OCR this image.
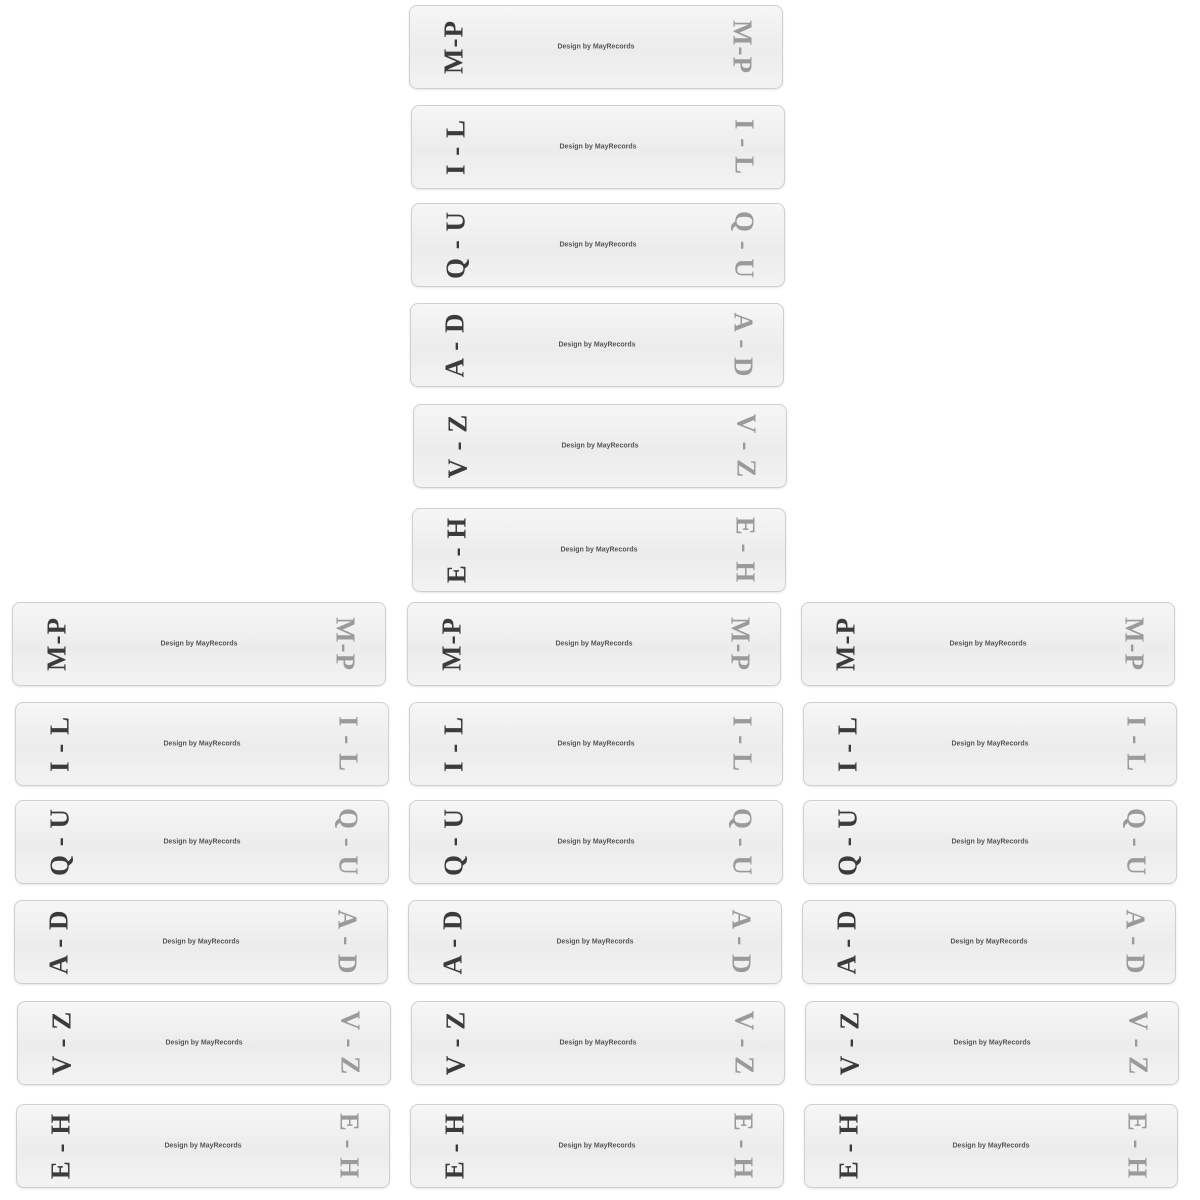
M-P	Design by MayRecords	M-P
I - L	Design by MayRecords	I - L
Q - U	Design by MayRecords	Q - U
A - D	Design by MayRecords	A - D
V - Z	Design by MayRecords	V - Z
E - H	Design by MayRecords	E - H
M-P	Design by MayRecords	M-P
I - L	Design by MayRecords	I - L
Q - U	Design by MayRecords	Q - U
A - D	Design by MayRecords	A - D
V - Z	Design by MayRecords	V - Z
E - H	Design by MayRecords	E - H
M-P	Design by MayRecords	M-P
I - L	Design by MayRecords	I - L
Q - U	Design by MayRecords	Q - U
A - D	Design by MayRecords	A - D
V - Z	Design by MayRecords	V - Z
E - H	Design by MayRecords	E - H
M-P	Design by MayRecords	M-P
I - L	Design by MayRecords	I - L
Q - U	Design by MayRecords	Q - U
A - D	Design by MayRecords	A - D
V - Z	Design by MayRecords	V - Z
E - H	Design by MayRecords	E - H
